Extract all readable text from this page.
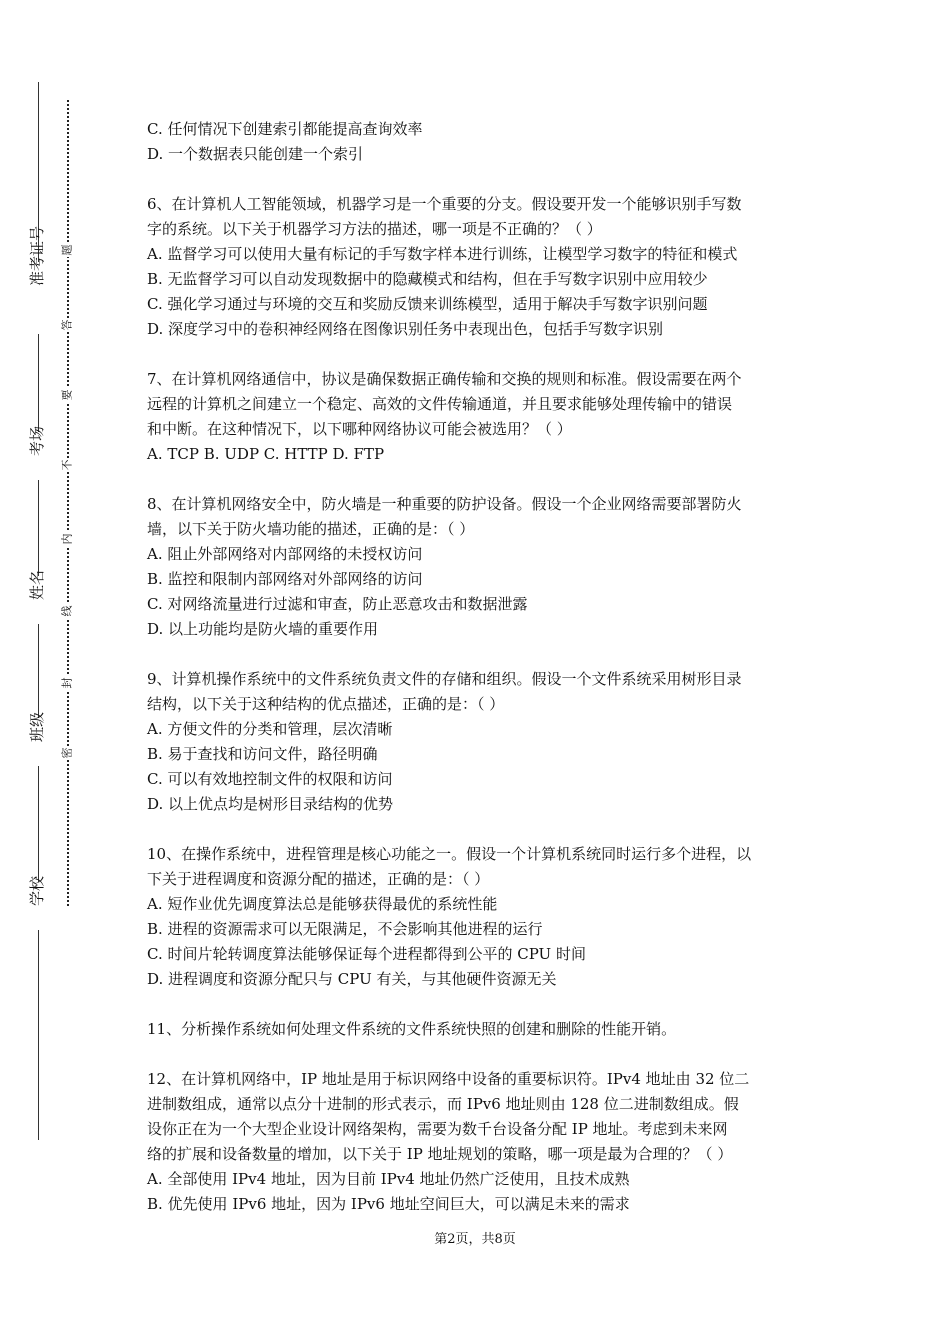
准考证号
考场
姓名
班级
学校
题
答
要
不
内
线
封
密
C. 任何情况下创建索引都能提高查询效率
D. 一个数据表只能创建一个索引
6、在计算机人工智能领域，机器学习是一个重要的分支。假设要开发一个能够识别手写数
字的系统。以下关于机器学习方法的描述，哪一项是不正确的？（ ）
A. 监督学习可以使用大量有标记的手写数字样本进行训练，让模型学习数字的特征和模式
B. 无监督学习可以自动发现数据中的隐藏模式和结构，但在手写数字识别中应用较少
C. 强化学习通过与环境的交互和奖励反馈来训练模型，适用于解决手写数字识别问题
D. 深度学习中的卷积神经网络在图像识别任务中表现出色，包括手写数字识别
7、在计算机网络通信中，协议是确保数据正确传输和交换的规则和标准。假设需要在两个
远程的计算机之间建立一个稳定、高效的文件传输通道，并且要求能够处理传输中的错误
和中断。在这种情况下，以下哪种网络协议可能会被选用？（ ）
A. TCP B. UDP C. HTTP D. FTP
8、在计算机网络安全中，防火墙是一种重要的防护设备。假设一个企业网络需要部署防火
墙，以下关于防火墙功能的描述，正确的是：（ ）
A. 阻止外部网络对内部网络的未授权访问
B. 监控和限制内部网络对外部网络的访问
C. 对网络流量进行过滤和审查，防止恶意攻击和数据泄露
D. 以上功能均是防火墙的重要作用
9、计算机操作系统中的文件系统负责文件的存储和组织。假设一个文件系统采用树形目录
结构，以下关于这种结构的优点描述，正确的是：（ ）
A. 方便文件的分类和管理，层次清晰
B. 易于查找和访问文件，路径明确
C. 可以有效地控制文件的权限和访问
D. 以上优点均是树形目录结构的优势
10、在操作系统中，进程管理是核心功能之一。假设一个计算机系统同时运行多个进程，以
下关于进程调度和资源分配的描述，正确的是：（ ）
A. 短作业优先调度算法总是能够获得最优的系统性能
B. 进程的资源需求可以无限满足，不会影响其他进程的运行
C. 时间片轮转调度算法能够保证每个进程都得到公平的 CPU 时间
D. 进程调度和资源分配只与 CPU 有关，与其他硬件资源无关
11、分析操作系统如何处理文件系统的文件系统快照的创建和删除的性能开销。
12、在计算机网络中，IP 地址是用于标识网络中设备的重要标识符。IPv4 地址由 32 位二
进制数组成，通常以点分十进制的形式表示，而 IPv6 地址则由 128 位二进制数组成。假
设你正在为一个大型企业设计网络架构，需要为数千台设备分配 IP 地址。考虑到未来网
络的扩展和设备数量的增加，以下关于 IP 地址规划的策略，哪一项是最为合理的？（ ）
A. 全部使用 IPv4 地址，因为目前 IPv4 地址仍然广泛使用，且技术成熟
B. 优先使用 IPv6 地址，因为 IPv6 地址空间巨大，可以满足未来的需求
第2页，共8页
